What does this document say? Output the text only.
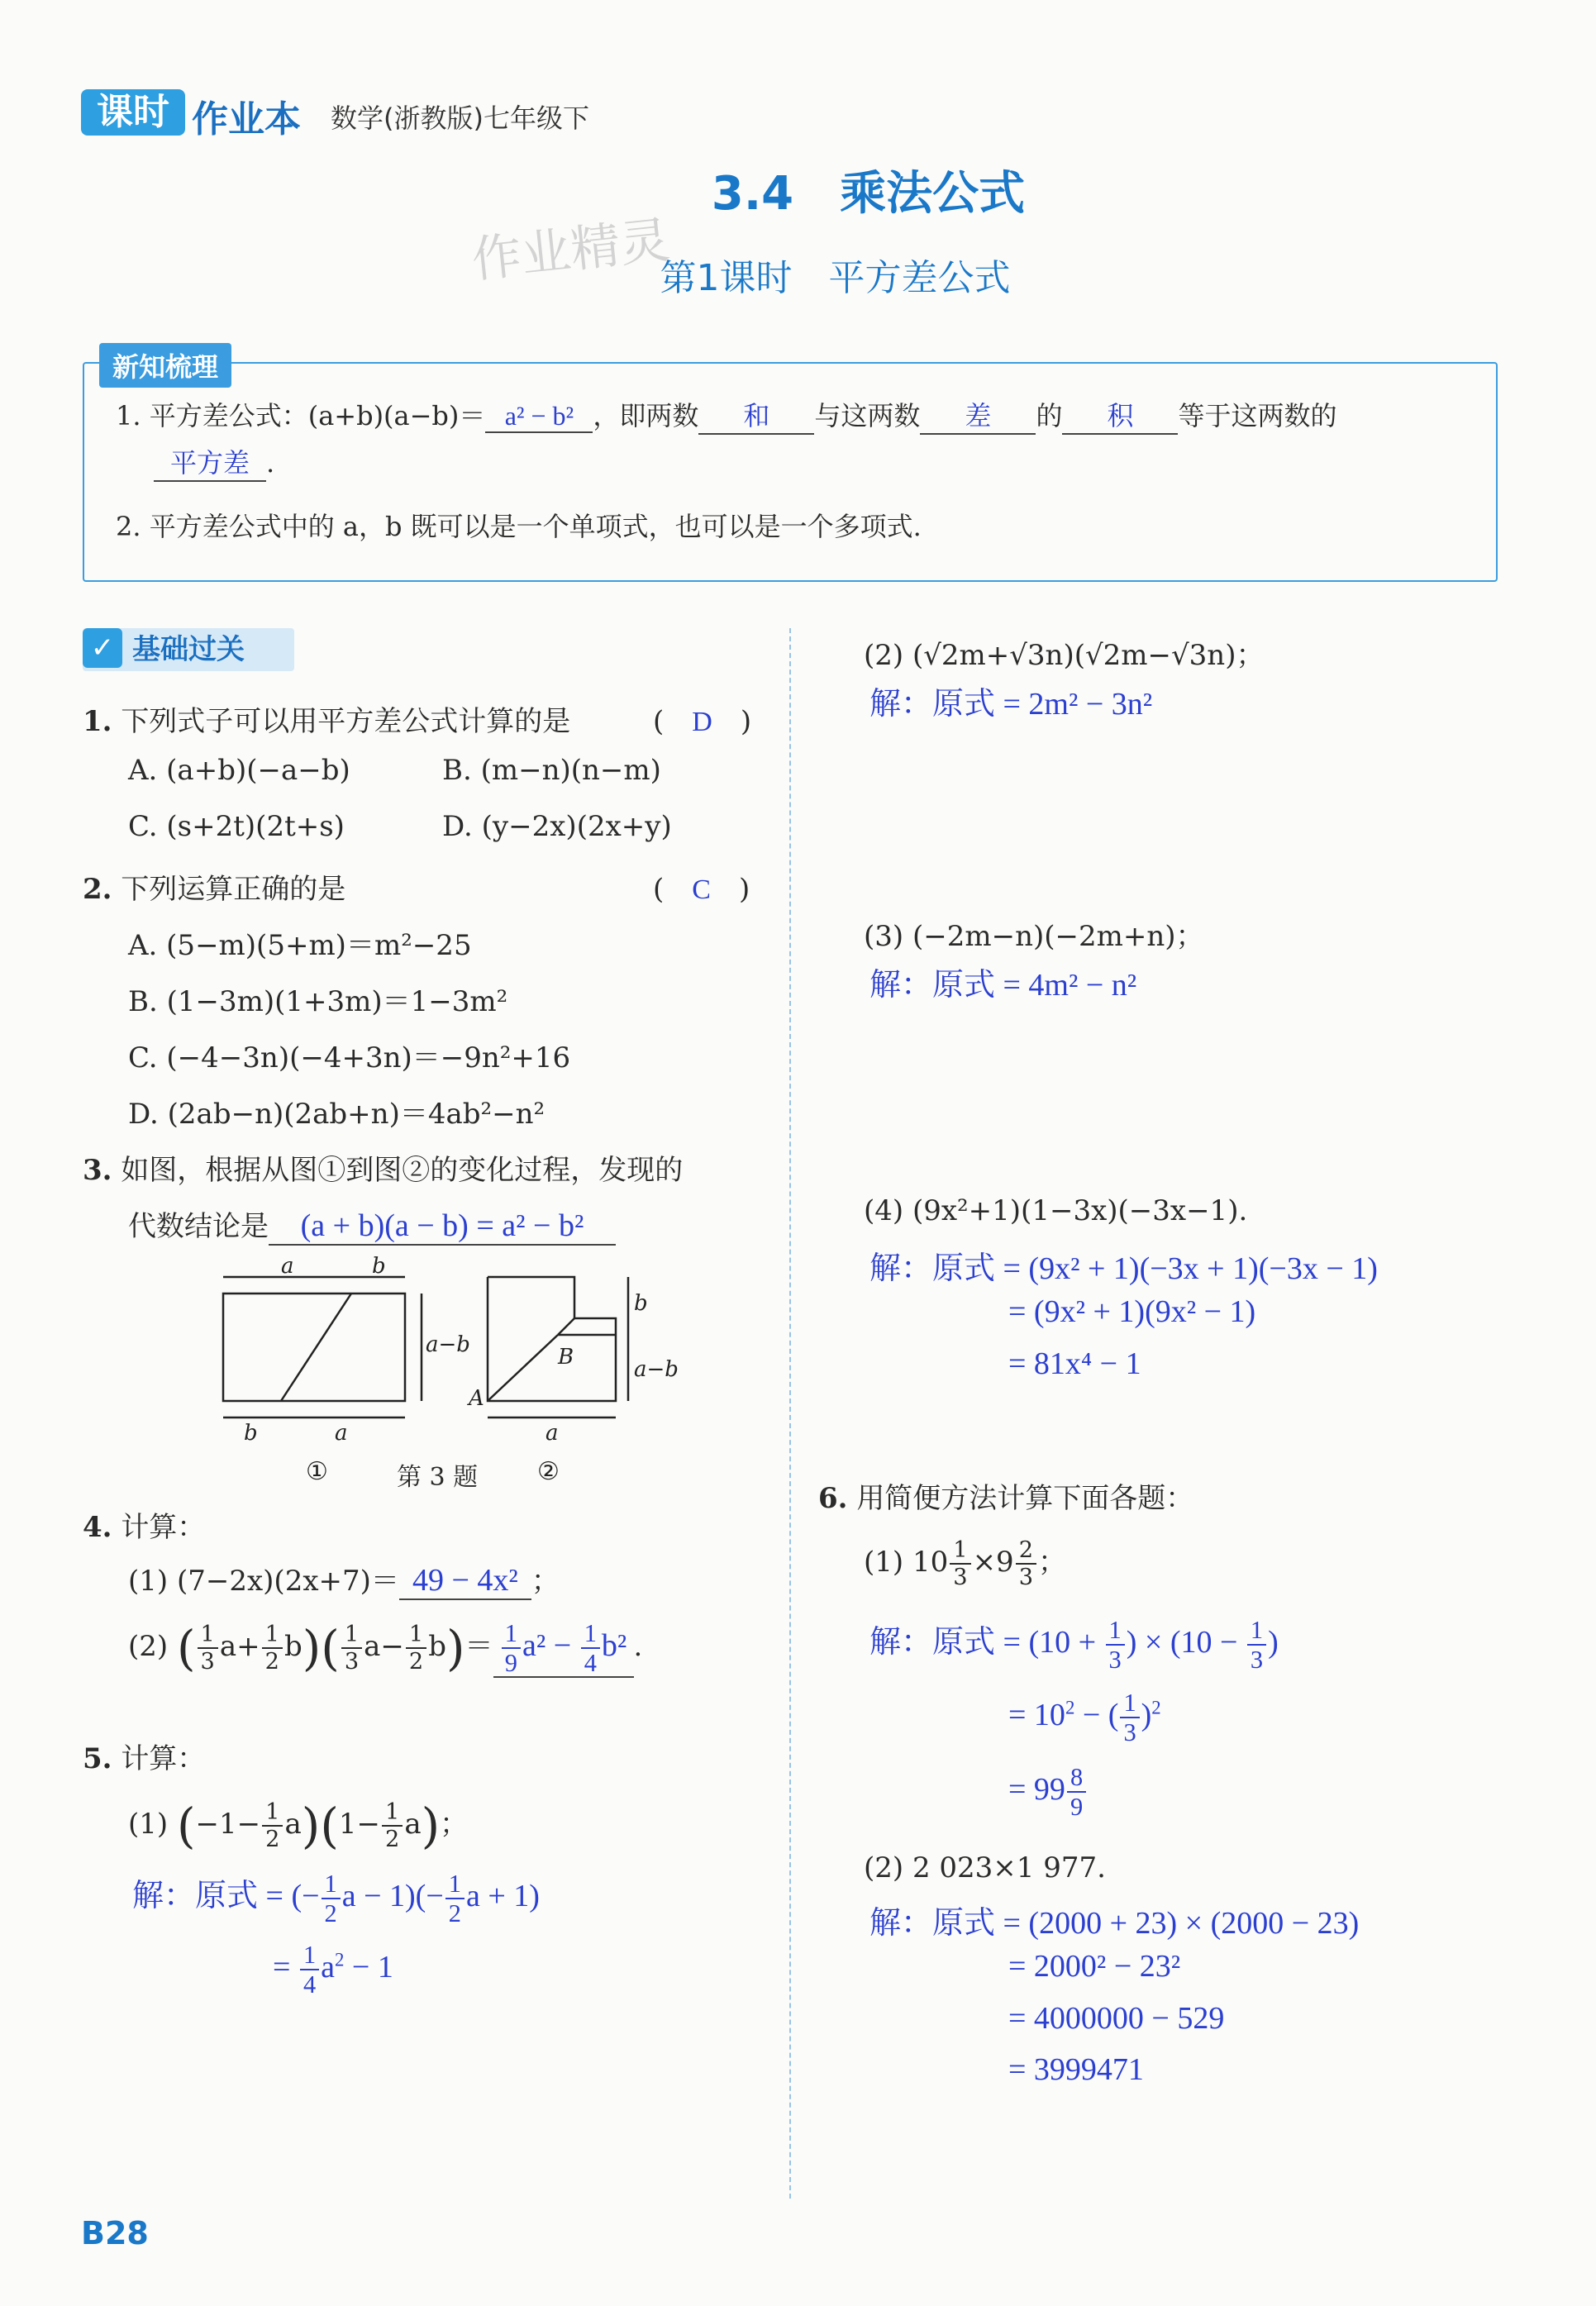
课时 作业本 数学(浙教版)七年级下
3.4　乘法公式
作业精灵
第1课时　平方差公式
新知梳理
1. 平方差公式：(a+b)(a−b)＝ a² − b² ，即两数 和 与这两数 差 的 积 等于这两数的
平方差 .
2. 平方差公式中的 a，b 既可以是一个单项式，也可以是一个多项式.
✓ 基础过关
1. 下列式子可以用平方差公式计算的是	(　D　)
A. (a+b)(−a−b)	B. (m−n)(n−m)
C. (s+2t)(2t+s)	D. (y−2x)(2x+y)
2. 下列运算正确的是	(　C　)
A. (5−m)(5+m)＝m²−25
B. (1−3m)(1+3m)＝1−3m²
C. (−4−3n)(−4+3n)＝−9n²+16
D. (2ab−n)(2ab+n)＝4ab²−n²
3. 如图，根据从图①到图②的变化过程，发现的
代数结论是 (a + b)(a − b) = a² − b²
a	b
a−b
b	a
b
a−b
a
B
A
①	②
第 3 题
4. 计算：
(1) (7−2x)(2x+7)＝ 49 − 4x² ；
(2) ( $\frac{1}{3} a+ \frac{1}{2} b)( \frac{1}{3} a- \frac{1}{2} b)= \frac{1}{9} a^2 - \frac{1}{4} b^2$ .
5. 计算：
(1) $(-1- \frac{1}{2} a)(1- \frac{1}{2} a)$；
解：原式 = (− $\frac{1}{2}$ $a - 1)(- \frac{1}{2}$ a + 1)
= $\frac{1}{4} a^2 - 1$
(2) (√2m+√3n)(√2m−√3n)；
解：原式 = 2m² − 3n²
(3) (−2m−n)(−2m+n)；
解：原式 = 4m² − n²
(4) (9x²+1)(1−3x)(−3x−1).
解：原式 = (9x² + 1)(−3x + 1)(−3x − 1)
= (9x² + 1)(9x² − 1)
= 81x⁴ − 1
6. 用简便方法计算下面各题：
(1) $10 \frac{1}{3} \times 9 \frac{2}{3}$ ；
解：原式 = ($10 + \frac{1}{3}$ ) × ($10 - \frac{1}{3}$ )
= $10^2$ − ( $\frac{1}{3} )^2$
= $99 \frac{8}{9}$
(2) 2 023×1 977.
解：原式 = (2000 + 23) × (2000 − 23)
= 2000² − 23²
= 4000000 − 529
= 3999471
B28
